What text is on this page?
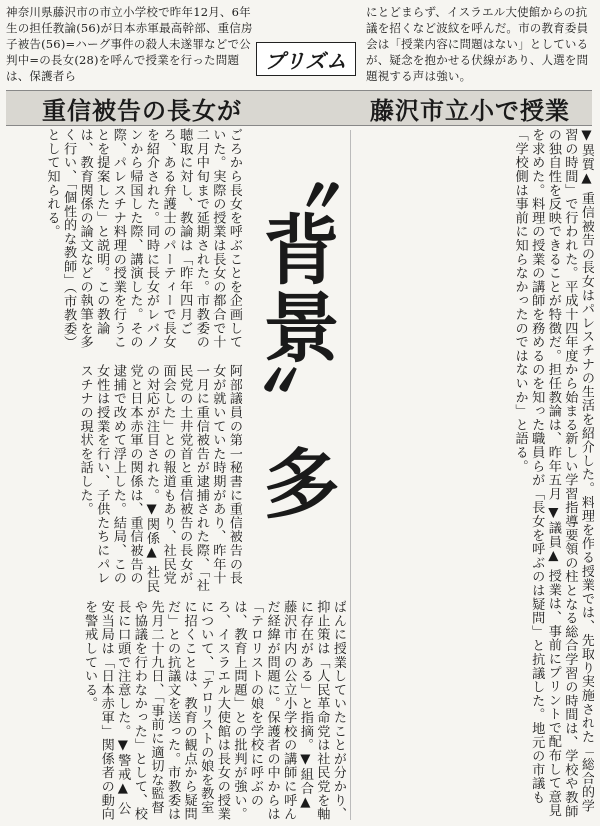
神奈川県藤沢市の市立小学校で昨年12月、6年生の担任教論(56)が日本赤軍最高幹部、重信房子被告(56)=ハーグ事件の殺人未遂罪などで公判中=の長女(28)を呼んで授業を行った問題は、保護者ら

にとどまらず、イスラエル大使館からの抗議を招くなど波紋を呼んだ。市の教育委員会は「授業内容に問題はない」としているが、疑念を抱かせる伏線があり、人選を問題視する声は強い。

プリズム
重信被告の長女が	藤沢市立小で授業
〝背景〟多	▼異質▲ 重信被告の長女はパレスチナの生活を紹介した。料理を作る授業では、先取り実施された「総合的学習の時間」で行われた。平成十四年度から始まる新しい学習指導要領の柱となる総合学習の時間は、学校や教師の独自性を反映できることが特徴だ。担任教論は、昨年五月 ▼議員▲ 授業は、事前にプリントで配布して意見を求めた。料理の授業の講師を務めるのを知った職員らが「長女を呼ぶのは疑問」と抗議した。地元の市議も「学校側は事前に知らなかったのではないか」と語る。

ごろから長女を呼ぶことを企画していた。実際の授業は長女の都合で十二月中旬まで延期された。市教委の聴取に対し、教論は「昨年四月ごろ、ある弁護士のパーティーで長女を紹介された。同時に長女がレバノンから帰国した際、講演した。その際、パレスチナ料理の授業を行うことを提案した」と説明。この教論は、教育関係の論文などの執筆を多く行い、「個性的な教師」（市教委）として知られる。

阿部議員の第一秘書に重信被告の長女が就いていた時期があり、昨年十一月に重信被告が逮捕された際、「社民党の土井党首と重信被告の長女が面会した」との報道もあり、社民党の対応が注目された。▼関係▲ 社民党と日本赤軍の関係は、重信被告の逮捕で改めて浮上した。結局、この女性は授業を行い、子供たちにパレスチナの現状を話した。

ばんに授業していたことが分かり、抑止策は「人民革命党は社民党を軸に存在がある」と指摘。▼組合▲ 藤沢市内の公立小学校の講師に呼んだ経緯が問題に。保護者の中からは「テロリストの娘を学校に呼ぶのは、教育上問題」との批判が強い。 ろ、イスラエル大使館は長女の授業について、「テロリストの娘を教室に招くことは、教育の観点から疑問だ」との抗議文を送った。市教委は先月二十九日、「事前に適切な監督や協議を行わなかった」として、校長に口頭で注意した。▼警戒▲ 公安当局は「日本赤軍」関係者の動向を警戒している。
